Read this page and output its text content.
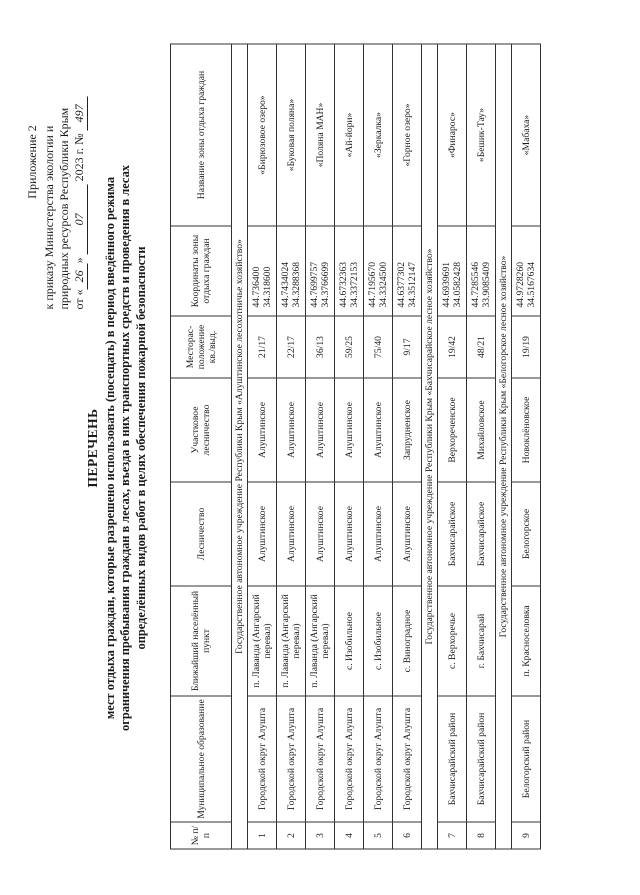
Приложение 2 к приказу Министерства экологии и природных ресурсов Республики Крым от «26» 07 2023 г. № 497
ПЕРЕЧЕНЬ мест отдыха граждан, которые разрешено использовать (посещать) в период введённого режима ограничения пребывания граждан в лесах, въезда в них транспортных средств и проведения в лесах определённых видов работ в целях обеспечения пожарной безопасности
№ п/п	Муниципальное образование	Ближайший населённый пункт	Лесничество	Участковое лесничество	Месторас-положение кв./выд.	Координаты зоны отдыха граждан	Название зоны отдыха граждан
Государственное автономное учреждение Республики Крым «Алуштинское лесохотничье хозяйство»							
1	Городской округ Алушта	п. Лаванда (Ангарский перевал)	Алуштинское	Алуштинское	21/17	44.736400 34.318600	«Бирюзовое озеро»
2	Городской округ Алушта	п. Лаванда (Ангарский перевал)	Алуштинское	Алуштинское	22/17	44.7434024 34.3288368	«Буковая поляна»
3	Городской округ Алушта	п. Лаванда (Ангарский перевал)	Алуштинское	Алуштинское	36/13	44.7699757 34.3766699	«Поляна МАН»
4	Городской округ Алушта	с. Изобильное	Алуштинское	Алуштинское	59/25	44.6732363 34.3372153	«Ай-йори»
5	Городской округ Алушта	с. Изобильное	Алуштинское	Алуштинское	75/40	44.7195670 34.3324500	«Зеркалка»
6	Городской округ Алушта	с. Виноградное	Алуштинское	Запрудненское	9/17	44.6377302 34.3512147	«Горное озеро»
Государственное автономное учреждение Республики Крым «Бахчисарайское лесное хозяйство»							
7	Бахчисарайский район	с. Верхоречье	Бахчисарайское	Верхореченское	19/42	44.6939691 34.0582428	«Финарос»
8	Бахчисарайский район	г. Бахчисарай	Бахчисарайское	Михайловское	48/21	44.7285546 33.9085409	«Бешик-Тау»
Государственное автономное учреждение Республики Крым «Белогорское лесное хозяйство»							
9	Белогорский район	п. Красноселовка	Белогорское	Новоклёновское	19/19	44.9728260 34.5167634	«Мабаха»
